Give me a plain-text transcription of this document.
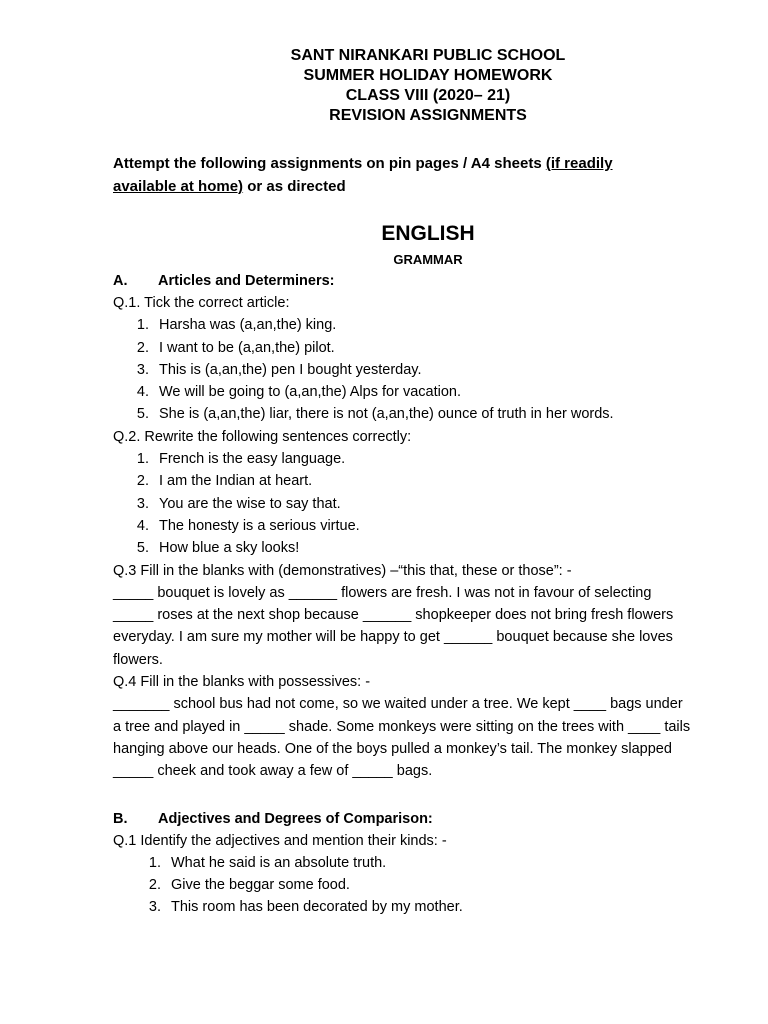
SANT NIRANKARI PUBLIC SCHOOL
SUMMER HOLIDAY HOMEWORK
CLASS VIII (2020– 21)
REVISION ASSIGNMENTS
Attempt the following assignments on pin pages / A4 sheets (if readily available at home) or as directed
ENGLISH
GRAMMAR
A.	Articles and Determiners:
Q.1. Tick the correct article:
1. Harsha was (a,an,the) king.
2. I want to be (a,an,the) pilot.
3. This is (a,an,the) pen I bought yesterday.
4. We will be going to (a,an,the) Alps for vacation.
5. She is (a,an,the) liar, there is not (a,an,the) ounce of truth in her words.
Q.2. Rewrite the following sentences correctly:
1. French is the easy language.
2. I am the Indian at heart.
3. You are the wise to say that.
4. The honesty is a serious virtue.
5. How blue a sky looks!
Q.3 Fill in the blanks with (demonstratives) –“this that, these or those”: -
_____ bouquet is lovely as ______ flowers are fresh. I was not in favour of selecting _____ roses at the next shop because ______ shopkeeper does not bring fresh flowers everyday. I am sure my mother will be happy to get ______ bouquet because she loves flowers.
Q.4 Fill in the blanks with possessives: -
_______ school bus had not come, so we waited under a tree. We kept ____ bags under a tree and played in _____ shade. Some monkeys were sitting on the trees with ____ tails hanging above our heads. One of the boys pulled a monkey’s tail. The monkey slapped _____ cheek and took away a few of _____ bags.
B.	Adjectives and Degrees of Comparison:
Q.1 Identify the adjectives and mention their kinds: -
1. What he said is an absolute truth.
2. Give the beggar some food.
3. This room has been decorated by my mother.
